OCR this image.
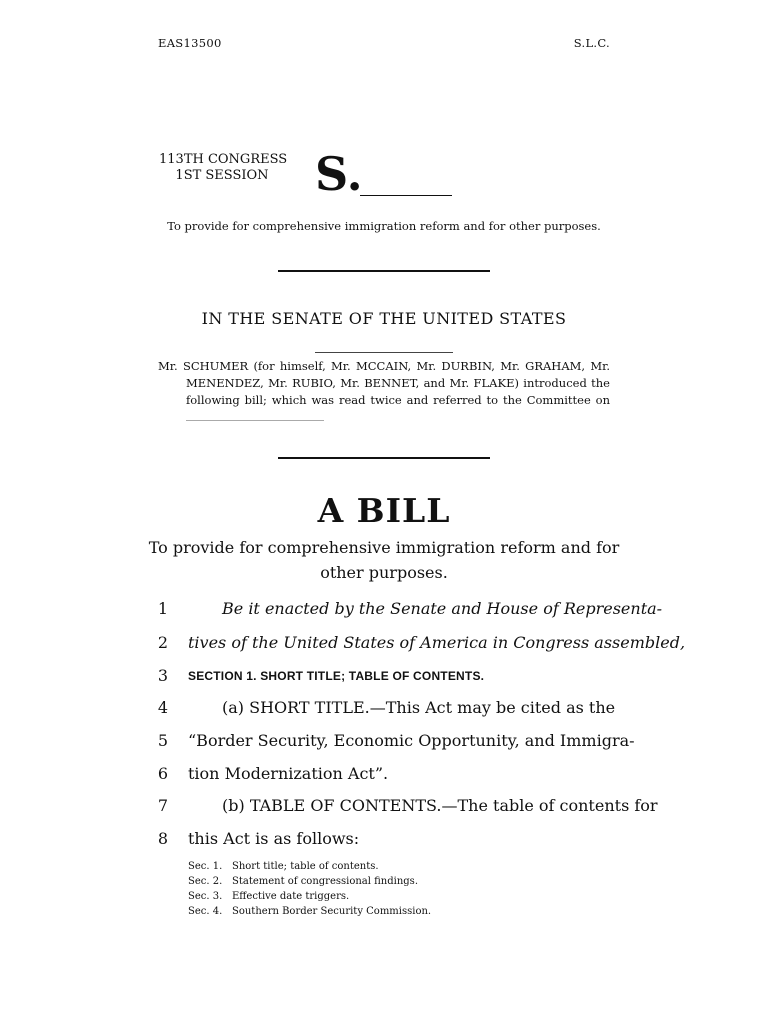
EAS13500	S.L.C.
113TH CONGRESS
1ST SESSION	S.
To provide for comprehensive immigration reform and for other purposes.
IN THE SENATE OF THE UNITED STATES
Mr. SCHUMER (for himself, Mr. MCCAIN, Mr. DURBIN, Mr. GRAHAM, Mr.
MENENDEZ, Mr. RUBIO, Mr. BENNET, and Mr. FLAKE) introduced the
following bill; which was read twice and referred to the Committee on
A BILL
To provide for comprehensive immigration reform and for
other purposes.
1	Be it enacted by the Senate and House of Representa-
2	tives of the United States of America in Congress assembled,
3	SECTION 1. SHORT TITLE; TABLE OF CONTENTS.
4	(a) SHORT TITLE.—This Act may be cited as the
5	“Border Security, Economic Opportunity, and Immigra-
6	tion Modernization Act”.
7	(b) TABLE OF CONTENTS.—The table of contents for
8	this Act is as follows:
Sec. 1. Short title; table of contents.
Sec. 2. Statement of congressional findings.
Sec. 3. Effective date triggers.
Sec. 4. Southern Border Security Commission.
